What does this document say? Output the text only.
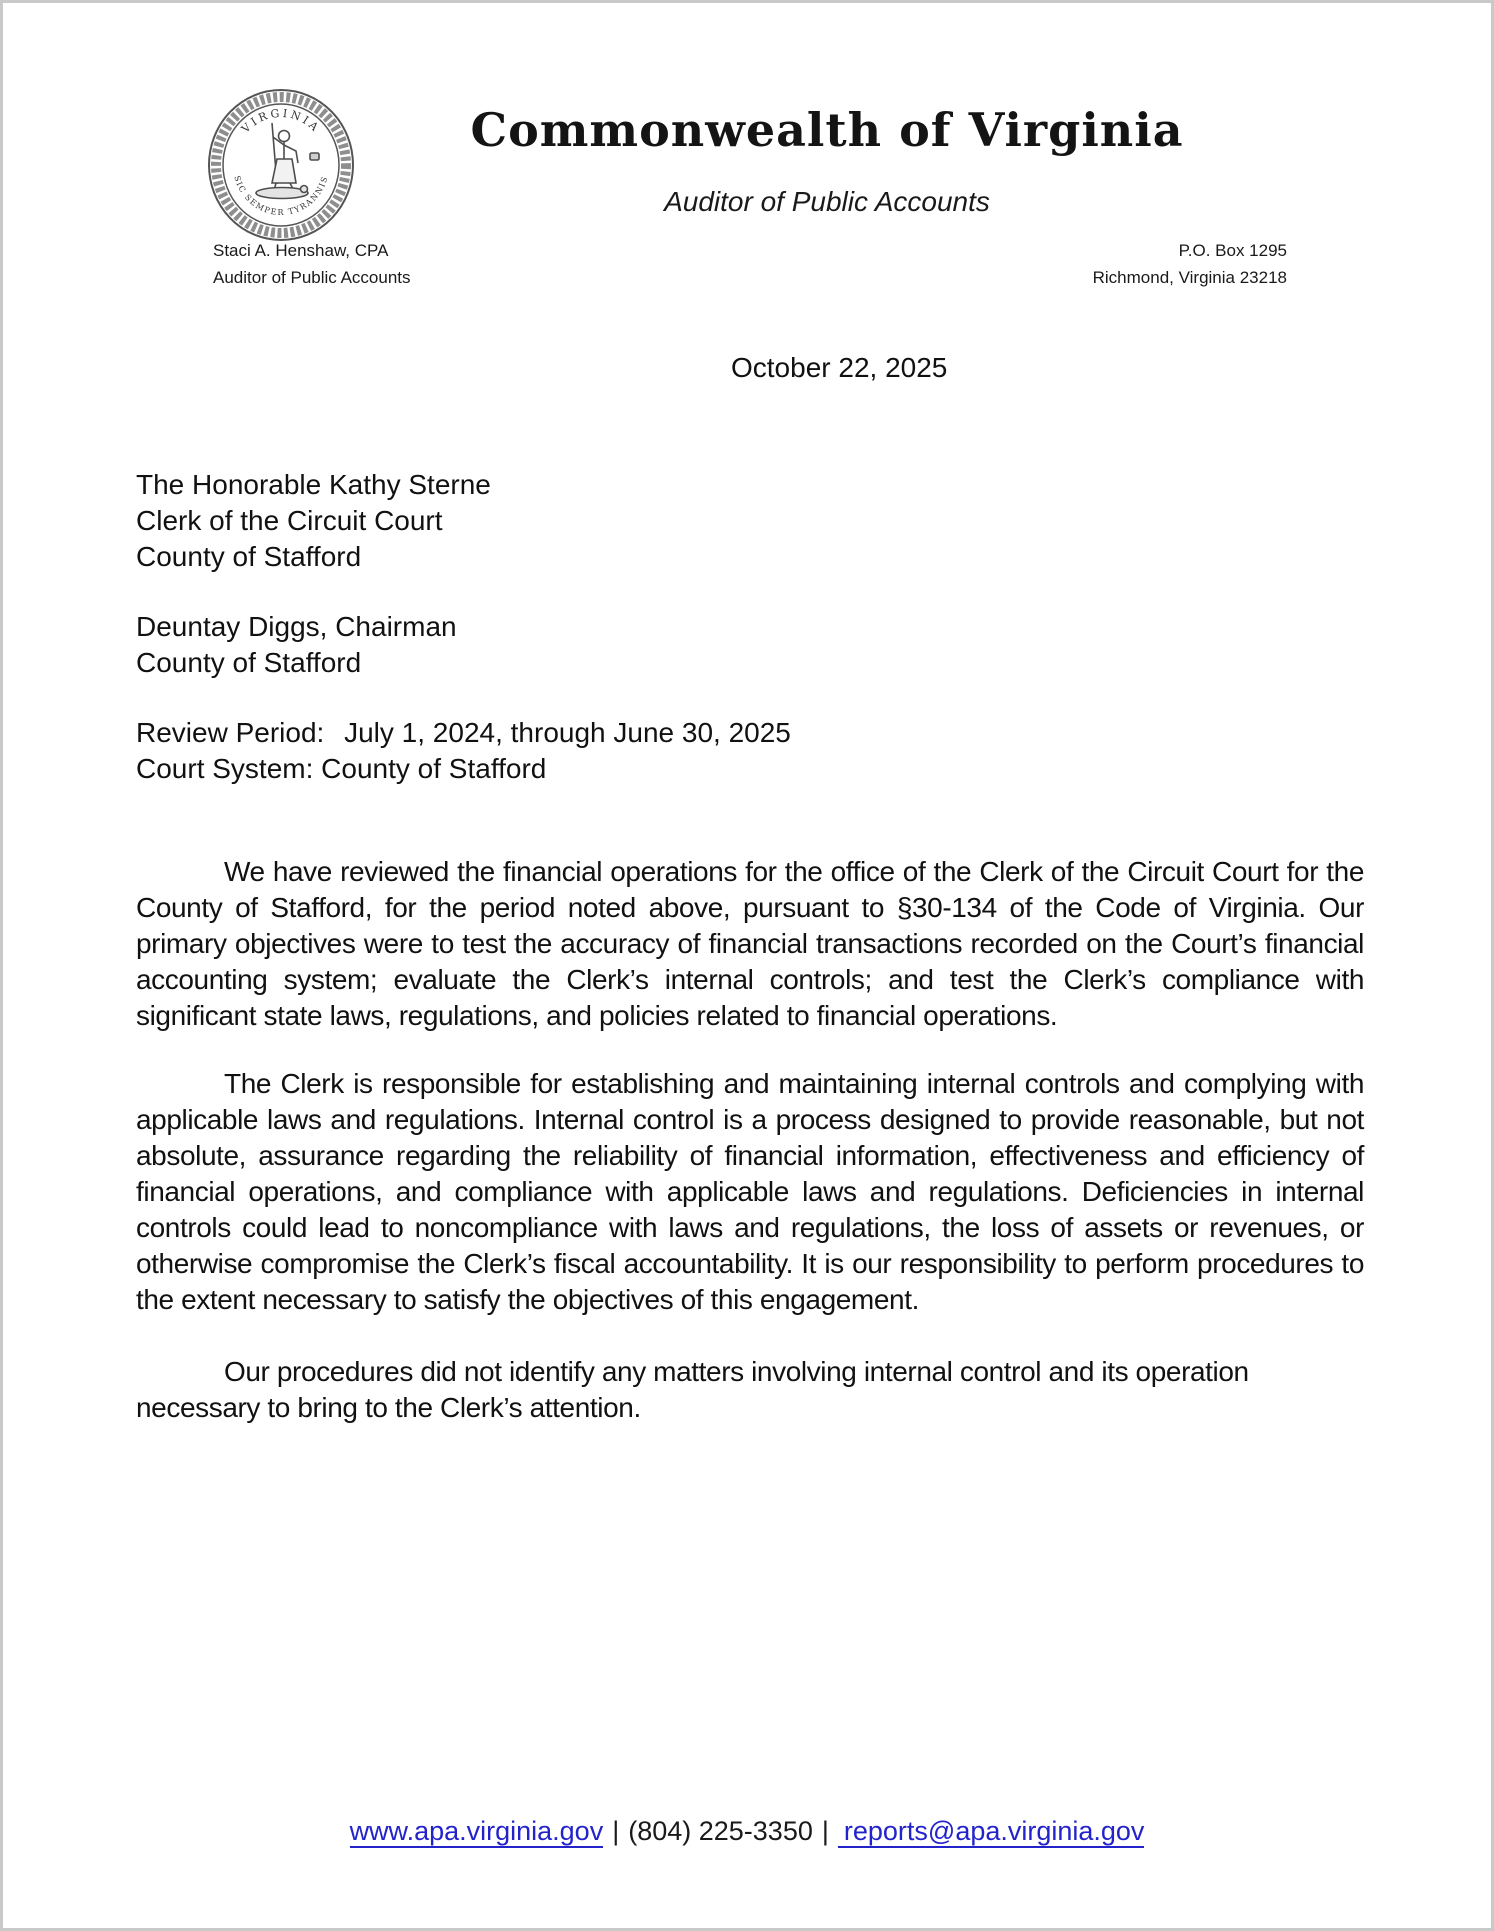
VIRGINIA
SIC SEMPER TYRANNIS
Commonwealth of Virginia
Auditor of Public Accounts
Staci A. Henshaw, CPA
Auditor of Public Accounts
P.O. Box 1295
Richmond, Virginia 23218
October 22, 2025
The Honorable Kathy Sterne
Clerk of the Circuit Court
County of Stafford
Deuntay Diggs, Chairman
County of Stafford
Review Period: July 1, 2024, through June 30, 2025
Court System: County of Stafford
We have reviewed the financial operations for the office of the Clerk of the Circuit Court for the County of Stafford, for the period noted above, pursuant to §30-134 of the Code of Virginia. Our primary objectives were to test the accuracy of financial transactions recorded on the Court’s financial accounting system; evaluate the Clerk’s internal controls; and test the Clerk’s compliance with significant state laws, regulations, and policies related to financial operations.
The Clerk is responsible for establishing and maintaining internal controls and complying with applicable laws and regulations. Internal control is a process designed to provide reasonable, but not absolute, assurance regarding the reliability of financial information, effectiveness and efficiency of financial operations, and compliance with applicable laws and regulations. Deficiencies in internal controls could lead to noncompliance with laws and regulations, the loss of assets or revenues, or otherwise compromise the Clerk’s fiscal accountability. It is our responsibility to perform procedures to the extent necessary to satisfy the objectives of this engagement.
Our procedures did not identify any matters involving internal control and its operation necessary to bring to the Clerk’s attention.
www.apa.virginia.gov | (804) 225-3350 | reports@apa.virginia.gov
